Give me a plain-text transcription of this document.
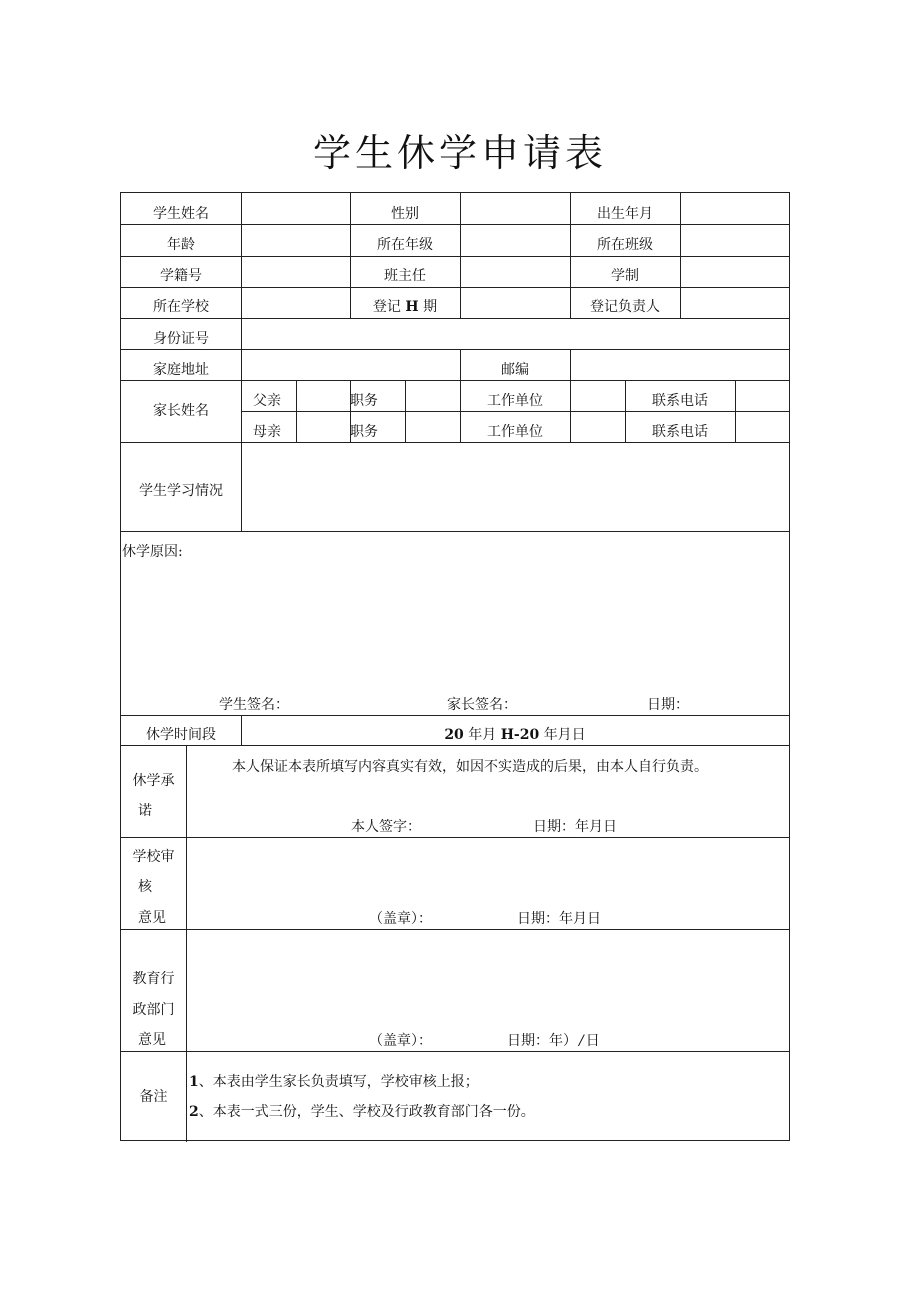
学生休学申请表
学生姓名	性别	出生年月
年龄	所在年级	所在班级
学籍号	班主任	学制
所在学校	登记 H 期	登记负责人
身份证号
家庭地址	邮编
家长姓名
父亲	职务	工作单位	联系电话
母亲	职务	工作单位	联系电话
学生学习情况
休学原因:
学生签名：	家长签名：	日期：
休学时间段	20 年月 H-20 年月日
休学承
诺
本人保证本表所填写内容真实有效，如因不实造成的后果，由本人自行负责。
本人签字：	日期：年月日
学校审
核
意见	（盖章）：	日期：年月日
教育行
政部门
意见	（盖章）：	日期：年） / 日
备注
1、本表由学生家长负责填写，学校审核上报；
2、本表一式三份，学生、学校及行政教育部门各一份。
